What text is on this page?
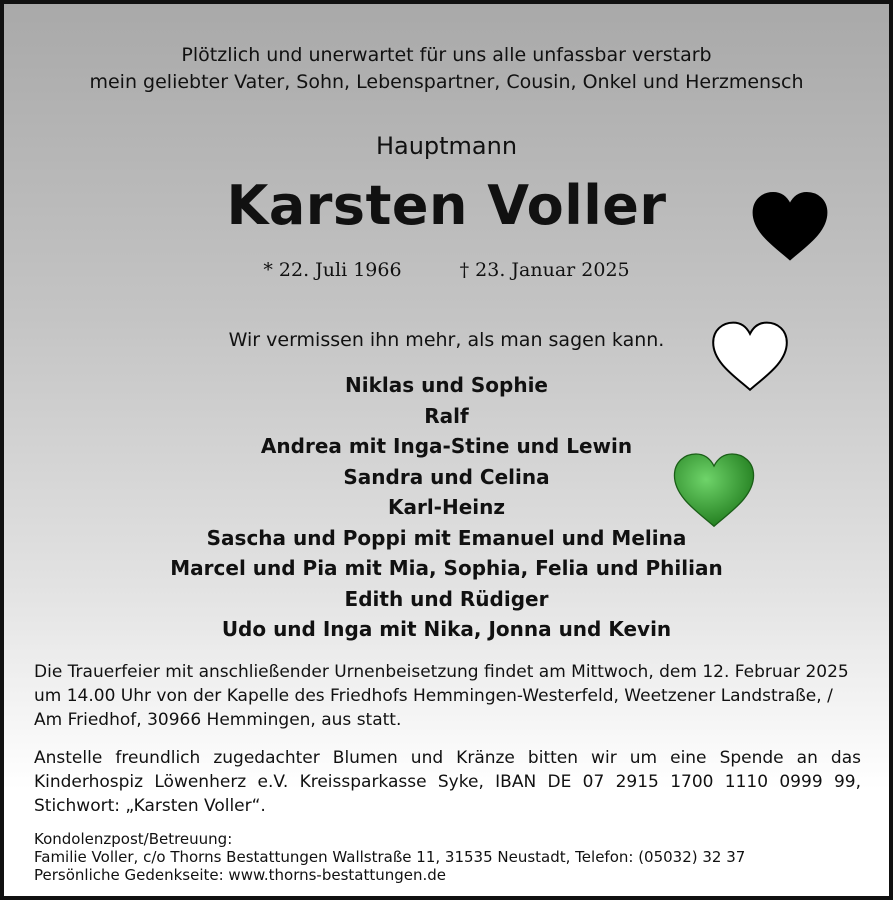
Plötzlich und unerwartet für uns alle unfassbar verstarb
mein geliebter Vater, Sohn, Lebenspartner, Cousin, Onkel und Herzmensch
Hauptmann
Karsten Voller
* 22. Juli 1966	† 23. Januar 2025
Wir vermissen ihn mehr, als man sagen kann.
Niklas und Sophie
Ralf
Andrea mit Inga-Stine und Lewin
Sandra und Celina
Karl-Heinz
Sascha und Poppi mit Emanuel und Melina
Marcel und Pia mit Mia, Sophia, Felia und Philian
Edith und Rüdiger
Udo und Inga mit Nika, Jonna und Kevin

Die Trauerfeier mit anschließender Urnenbeisetzung findet am Mittwoch, dem 12. Februar 2025 um 14.00 Uhr von der Kapelle des Friedhofs Hemmingen-Westerfeld, Weetzener Landstraße, / Am Friedhof, 30966 Hemmingen, aus statt.

Anstelle freundlich zugedachter Blumen und Kränze bitten wir um eine Spende an das Kinderhospiz Löwenherz e.V. Kreissparkasse Syke, IBAN DE 07 2915 1700 1110 0999 99, Stichwort: „Karsten Voller“.

Kondolenzpost/Betreuung:
Familie Voller, c/o Thorns Bestattungen Wallstraße 11, 31535 Neustadt, Telefon: (05032) 32 37
Persönliche Gedenkseite: www.thorns-bestattungen.de
